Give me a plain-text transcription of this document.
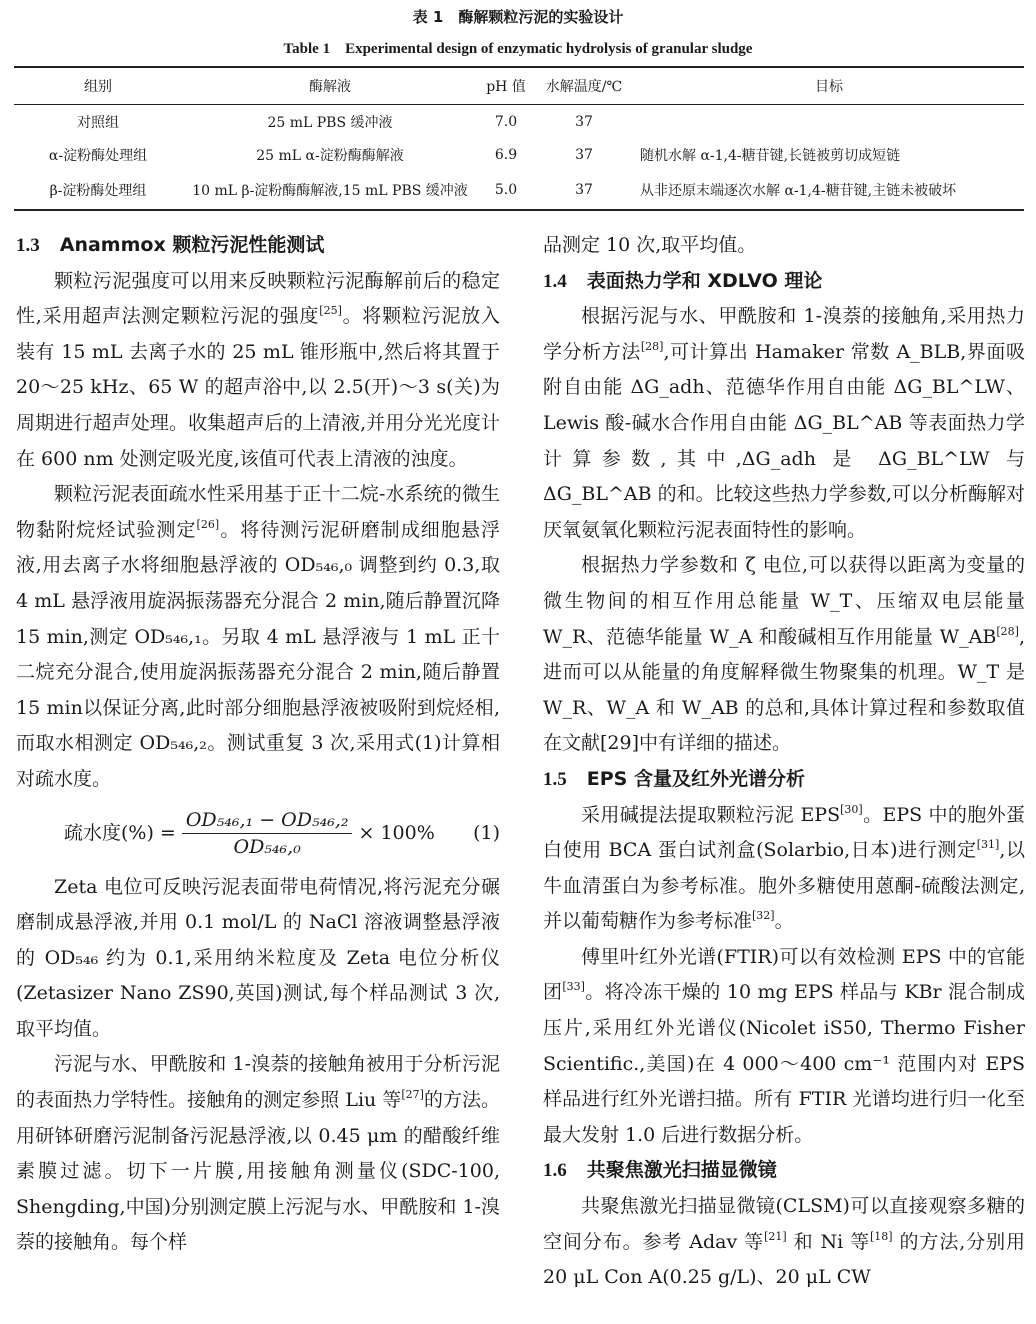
表 1　酶解颗粒污泥的实验设计
Table 1　Experimental design of enzymatic hydrolysis of granular sludge
组别	酶解液	pH 值	水解温度/℃	目标
对照组	25 mL PBS 缓冲液	7.0	37	
α-淀粉酶处理组	25 mL α-淀粉酶酶解液	6.9	37	随机水解 α-1,4-糖苷键,长链被剪切成短链
β-淀粉酶处理组	10 mL β-淀粉酶酶解液,15 mL PBS 缓冲液	5.0	37	从非还原末端逐次水解 α-1,4-糖苷键,主链未被破坏
1.3 Anammox 颗粒污泥性能测试

颗粒污泥强度可以用来反映颗粒污泥酶解前后的稳定性,采用超声法测定颗粒污泥的强度[25]。将颗粒污泥放入装有 15 mL 去离子水的 25 mL 锥形瓶中,然后将其置于 20～25 kHz、65 W 的超声浴中,以 2.5(开)～3 s(关)为周期进行超声处理。收集超声后的上清液,并用分光光度计在 600 nm 处测定吸光度,该值可代表上清液的浊度。

颗粒污泥表面疏水性采用基于正十二烷-水系统的微生物黏附烷烃试验测定[26]。将待测污泥研磨制成细胞悬浮液,用去离子水将细胞悬浮液的 OD₅₄₆,₀ 调整到约 0.3,取 4 mL 悬浮液用旋涡振荡器充分混合 2 min,随后静置沉降 15 min,测定 OD₅₄₆,₁。另取 4 mL 悬浮液与 1 mL 正十二烷充分混合,使用旋涡振荡器充分混合 2 min,随后静置 15 min以保证分离,此时部分细胞悬浮液被吸附到烷烃相,而取水相测定 OD₅₄₆,₂。测试重复 3 次,采用式(1)计算相对疏水度。

疏水度(%) = $\frac{\text{OD₅₄₆,₁ − OD₅₄₆,₂}}{\text{OD₅₄₆,₀}} \times 100\%$ (1)

Zeta 电位可反映污泥表面带电荷情况,将污泥充分碾磨制成悬浮液,并用 0.1 mol/L 的 NaCl 溶液调整悬浮液的 OD₅₄₆ 约为 0.1,采用纳米粒度及 Zeta 电位分析仪(Zetasizer Nano ZS90,英国)测试,每个样品测试 3 次,取平均值。

污泥与水、甲酰胺和 1-溴萘的接触角被用于分析污泥的表面热力学特性。接触角的测定参照 Liu 等[27]的方法。用研钵研磨污泥制备污泥悬浮液,以 0.45 μm 的醋酸纤维素膜过滤。切下一片膜,用接触角测量仪(SDC-100, Shengding,中国)分别测定膜上污泥与水、甲酰胺和 1-溴萘的接触角。每个样

品测定 10 次,取平均值。

1.4 表面热力学和 XDLVO 理论

根据污泥与水、甲酰胺和 1-溴萘的接触角,采用热力学分析方法[28],可计算出 Hamaker 常数 A_BLB,界面吸附自由能 ΔG_adh、范德华作用自由能 ΔG_BL^LW、Lewis 酸-碱水合作用自由能 ΔG_BL^AB 等表面热力学计算参数,其中,ΔG_adh 是 ΔG_BL^LW 与 ΔG_BL^AB 的和。比较这些热力学参数,可以分析酶解对厌氧氨氧化颗粒污泥表面特性的影响。

根据热力学参数和 ζ 电位,可以获得以距离为变量的微生物间的相互作用总能量 W_T、压缩双电层能量 W_R、范德华能量 W_A 和酸碱相互作用能量 W_AB[28],进而可以从能量的角度解释微生物聚集的机理。W_T 是 W_R、W_A 和 W_AB 的总和,具体计算过程和参数取值在文献[29]中有详细的描述。

1.5 EPS 含量及红外光谱分析

采用碱提法提取颗粒污泥 EPS[30]。EPS 中的胞外蛋白使用 BCA 蛋白试剂盒(Solarbio,日本)进行测定[31],以牛血清蛋白为参考标准。胞外多糖使用蒽酮-硫酸法测定,并以葡萄糖作为参考标准[32]。

傅里叶红外光谱(FTIR)可以有效检测 EPS 中的官能团[33]。将冷冻干燥的 10 mg EPS 样品与 KBr 混合制成压片,采用红外光谱仪(Nicolet iS50, Thermo Fisher Scientific.,美国)在 4 000～400 cm⁻¹ 范围内对 EPS 样品进行红外光谱扫描。所有 FTIR 光谱均进行归一化至最大发射 1.0 后进行数据分析。

1.6 共聚焦激光扫描显微镜

共聚焦激光扫描显微镜(CLSM)可以直接观察多糖的空间分布。参考 Adav 等[21] 和 Ni 等[18] 的方法,分别用 20 μL Con A(0.25 g/L)、20 μL CW
